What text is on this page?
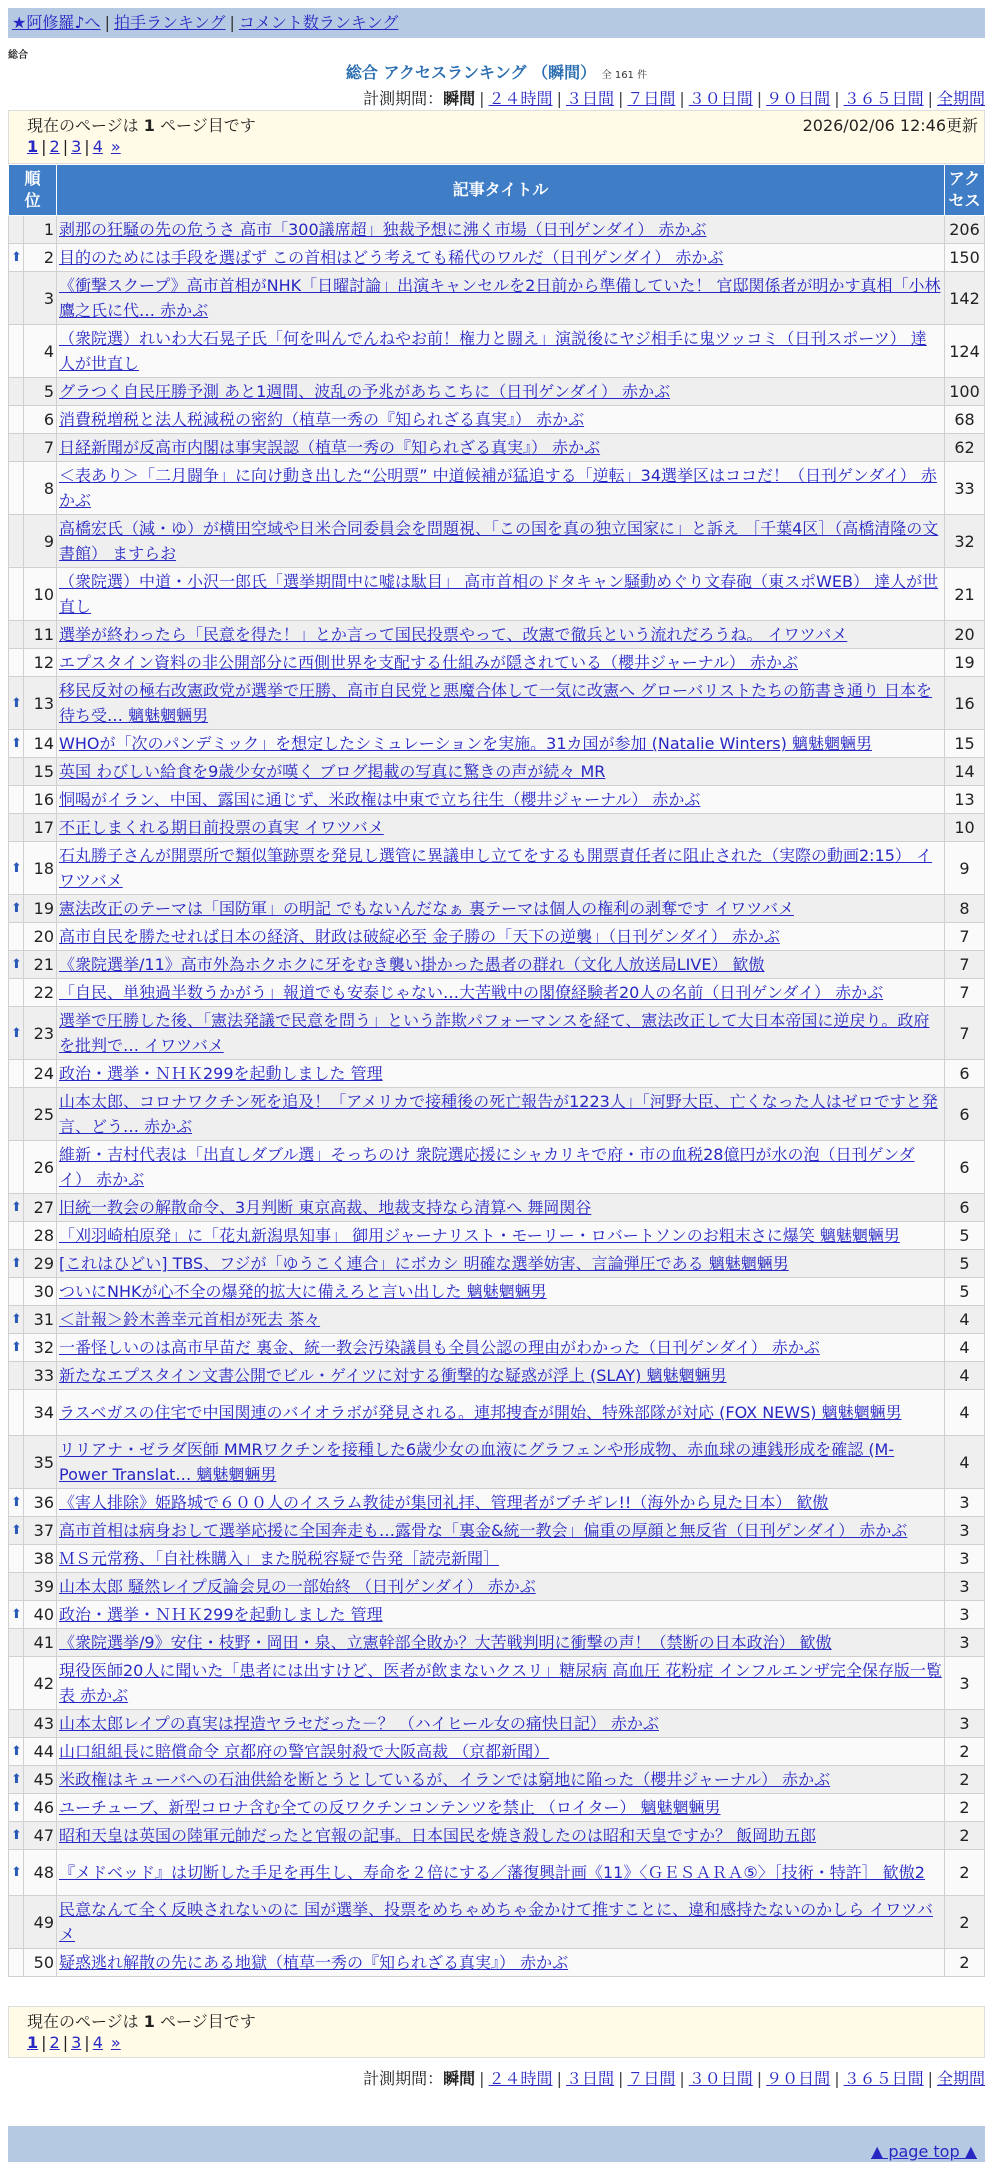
★阿修羅♪へ | 拍手ランキング | コメント数ランキング
総合
総合 アクセスランキング （瞬間） 全 161 件
計測期間：瞬間 | ２４時間 | ３日間 | ７日間 | ３０日間 | ９０日間 | ３６５日間 | 全期間
現在のページは 1 ページ目です	2026/02/06 12:46更新
1 | 2 | 3 | 4 »
順位		記事タイトル	アクセス

	1	剥那の狂騒の先の危うさ 高市「300議席超」独裁予想に沸く市場（日刊ゲンダイ） 赤かぶ	206
⬆	2	目的のためには手段を選ばず この首相はどう考えても稀代のワルだ（日刊ゲンダイ） 赤かぶ	150
	3	《衝撃スクープ》高市首相がNHK「日曜討論」出演キャンセルを2日前から準備していた！ 官邸関係者が明かす真相「小林鷹之氏に代… 赤かぶ	142
	4	（衆院選）れいわ大石晃子氏「何を叫んでんねやお前！権力と闘え」演説後にヤジ相手に鬼ツッコミ（日刊スポーツ） 達人が世直し	124
	5	グラつく自民圧勝予測 あと1週間、波乱の予兆があちこちに（日刊ゲンダイ） 赤かぶ	100
	6	消費税増税と法人税減税の密約（植草一秀の『知られざる真実』） 赤かぶ	68
	7	日経新聞が反高市内閣は事実誤認（植草一秀の『知られざる真実』） 赤かぶ	62
	8	＜表あり＞「二月闘争」に向け動き出した“公明票” 中道候補が猛追する「逆転」34選挙区はココだ！（日刊ゲンダイ） 赤かぶ	33
	9	高橋宏氏（減・ゆ）が横田空域や日米合同委員会を問題視、「この国を真の独立国家に」と訴え ［千葉4区］（高橋清隆の文書館） ますらお	32
	10	（衆院選）中道・小沢一郎氏「選挙期間中に嘘は駄目」 高市首相のドタキャン騒動めぐり文春砲（東スポWEB） 達人が世直し	21
	11	選挙が終わったら「民意を得た！」とか言って国民投票やって、改憲で徹兵という流れだろうね。 イワツバメ	20
	12	エプスタイン資料の非公開部分に西側世界を支配する仕組みが隠されている（櫻井ジャーナル） 赤かぶ	19
⬆	13	移民反対の極右改憲政党が選挙で圧勝、高市自民党と悪魔合体して一気に改憲へ グローバリストたちの筋書き通り 日本を待ち受… 魑魅魍魎男	16
⬆	14	WHOが「次のパンデミック」を想定したシミュレーションを実施。31カ国が参加 (Natalie Winters) 魑魅魍魎男	15
	15	英国 わびしい給食を9歳少女が嘆く ブログ掲載の写真に驚きの声が続々 MR	14
	16	恫喝がイラン、中国、露国に通じず、米政権は中東で立ち往生（櫻井ジャーナル） 赤かぶ	13
	17	不正しまくれる期日前投票の真実 イワツバメ	10
⬆	18	石丸勝子さんが開票所で類似筆跡票を発見し選管に異議申し立てをするも開票責任者に阻止された（実際の動画2:15） イワツバメ	9
⬆	19	憲法改正のテーマは「国防軍」の明記 でもないんだなぁ 裏テーマは個人の権利の剥奪です イワツバメ	8
	20	高市自民を勝たせれば日本の経済、財政は破綻必至 金子勝の「天下の逆襲」（日刊ゲンダイ） 赤かぶ	7
⬆	21	《衆院選挙/11》高市外為ホクホクに牙をむき襲い掛かった愚者の群れ（文化人放送局LIVE） 歓傲	7
	22	「自民、単独過半数うかがう」報道でも安泰じゃない…大苦戦中の閣僚経験者20人の名前（日刊ゲンダイ） 赤かぶ	7
⬆	23	選挙で圧勝した後、「憲法発議で民意を問う」という詐欺パフォーマンスを経て、憲法改正して大日本帝国に逆戻り。政府を批判で… イワツバメ	7
	24	政治・選挙・ＮＨＫ299を起動しました 管理	6
	25	山本太郎、コロナワクチン死を追及！「アメリカで接種後の死亡報告が1223人」「河野大臣、亡くなった人はゼロですと発言、どう… 赤かぶ	6
	26	維新・吉村代表は「出直しダブル選」そっちのけ 衆院選応援にシャカリキで府・市の血税28億円が水の泡（日刊ゲンダイ） 赤かぶ	6
⬆	27	旧統一教会の解散命令、3月判断 東京高裁、地裁支持なら清算へ 舞岡関谷	6
	28	「刈羽崎柏原発」に「花丸新潟県知事」 御用ジャーナリスト・モーリー・ロバートソンのお粗末さに爆笑 魑魅魍魎男	5
⬆	29	[これはひどい] TBS、フジが「ゆうこく連合」にボカシ 明確な選挙妨害、言論弾圧である 魑魅魍魎男	5
	30	ついにNHKが心不全の爆発的拡大に備えろと言い出した 魑魅魍魎男	5
⬆	31	＜計報＞鈴木善幸元首相が死去 茶々	4
⬆	32	一番怪しいのは高市早苗だ 裏金、統一教会汚染議員も全員公認の理由がわかった（日刊ゲンダイ） 赤かぶ	4
	33	新たなエプスタイン文書公開でビル・ゲイツに対する衝撃的な疑惑が浮上 (SLAY) 魑魅魍魎男	4
	34	ラスベガスの住宅で中国関連のバイオラボが発見される。連邦捜査が開始、特殊部隊が対応 (FOX NEWS) 魑魅魍魎男	4
	35	リリアナ・ゼラダ医師 MMRワクチンを接種した6歳少女の血液にグラフェンや形成物、赤血球の連銭形成を確認 (M-Power Translat… 魑魅魍魎男	4
⬆	36	《害人排除》姫路城で６００人のイスラム教徒が集団礼拝、管理者がブチギレ!!（海外から見た日本） 歓傲	3
⬆	37	高市首相は病身おして選挙応援に全国奔走も…露骨な「裏金&統一教会」偏重の厚顔と無反省（日刊ゲンダイ） 赤かぶ	3
	38	ＭＳ元常務、「自社株購入」また脱税容疑で告発［読売新聞］	3
	39	山本太郎 騒然レイプ反論会見の一部始終 （日刊ゲンダイ） 赤かぶ	3
⬆	40	政治・選挙・ＮＨＫ299を起動しました 管理	3
	41	《衆院選挙/9》安住・枝野・岡田・泉、立憲幹部全敗か？大苦戦判明に衝撃の声！（禁断の日本政治） 歓傲	3
	42	現役医師20人に聞いた「患者には出すけど、医者が飲まないクスリ」糖尿病 高血圧 花粉症 インフルエンザ完全保存版一覧表 赤かぶ	3
	43	山本太郎レイプの真実は捏造ヤラセだった－？ （ハイヒール女の痛快日記） 赤かぶ	3
⬆	44	山口組組長に賠償命令 京都府の警官誤射殺で大阪高裁 （京都新聞）	2
⬆	45	米政権はキューバへの石油供給を断とうとしているが、イランでは窮地に陥った（櫻井ジャーナル） 赤かぶ	2
⬆	46	ユーチューブ、新型コロナ含む全ての反ワクチンコンテンツを禁止 （ロイター） 魑魅魍魎男	2
⬆	47	昭和天皇は英国の陸軍元帥だったと官報の記事。日本国民を焼き殺したのは昭和天皇ですか？ 飯岡助五郎	2
⬆	48	『メドベッド』は切断した手足を再生し、寿命を２倍にする／藩復興計画《11》〈ＧＥＳＡＲＡ⑤〉［技術・特許］ 歓傲2	2
	49	民意なんて全く反映されないのに 国が選挙、投票をめちゃめちゃ金かけて推すことに、違和感持たないのかしら イワツバメ	2
	50	疑惑逃れ解散の先にある地獄（植草一秀の『知られざる真実』） 赤かぶ	2
現在のページは 1 ページ目です
1 | 2 | 3 | 4 »
計測期間：瞬間 | ２４時間 | ３日間 | ７日間 | ３０日間 | ９０日間 | ３６５日間 | 全期間
▲ page top ▲
